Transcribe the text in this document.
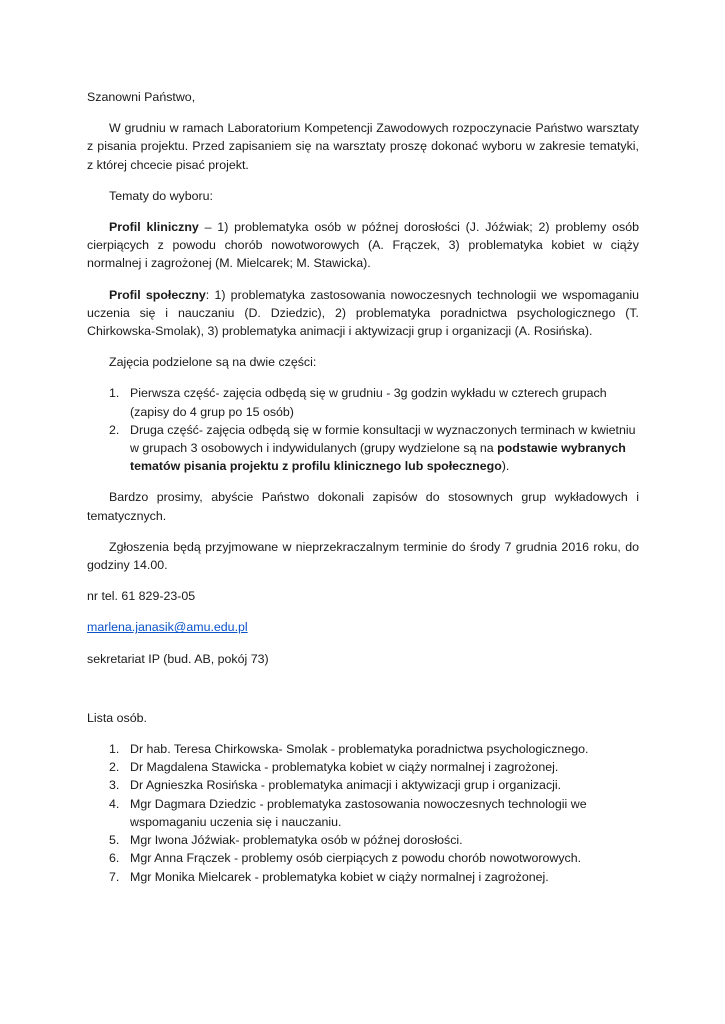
Szanowni Państwo,

W grudniu w ramach Laboratorium Kompetencji Zawodowych rozpoczynacie Państwo warsztaty z pisania projektu. Przed zapisaniem się na warsztaty proszę dokonać wyboru w zakresie tematyki, z której chcecie pisać projekt.

Tematy do wyboru:

Profil kliniczny – 1) problematyka osób w późnej dorosłości (J. Jóźwiak; 2) problemy osób cierpiących z powodu chorób nowotworowych (A. Frączek, 3) problematyka kobiet w ciąży normalnej i zagrożonej (M. Mielcarek; M. Stawicka).

Profil społeczny: 1) problematyka zastosowania nowoczesnych technologii we wspomaganiu uczenia się i nauczaniu (D. Dziedzic), 2) problematyka poradnictwa psychologicznego (T. Chirkowska-Smolak), 3) problematyka animacji i aktywizacji grup i organizacji (A. Rosińska).

Zajęcia podzielone są na dwie części:

1. Pierwsza część- zajęcia odbędą się w grudniu - 3g godzin wykładu w czterech grupach (zapisy do 4 grup po 15 osób)
2. Druga część- zajęcia odbędą się w formie konsultacji w wyznaczonych terminach w kwietniu w grupach 3 osobowych i indywidulanych (grupy wydzielone są na podstawie wybranych tematów pisania projektu z profilu klinicznego lub społecznego).

Bardzo prosimy, abyście Państwo dokonali zapisów do stosownych grup wykładowych i tematycznych.

Zgłoszenia będą przyjmowane w nieprzekraczalnym terminie do środy 7 grudnia 2016 roku, do godziny 14.00.

nr tel. 61 829-23-05

marlena.janasik@amu.edu.pl

sekretariat IP (bud. AB, pokój 73)

Lista osób.

1. Dr hab. Teresa Chirkowska- Smolak - problematyka poradnictwa psychologicznego.
2. Dr Magdalena Stawicka - problematyka kobiet w ciąży normalnej i zagrożonej.
3. Dr Agnieszka Rosińska - problematyka animacji i aktywizacji grup i organizacji.
4. Mgr Dagmara Dziedzic - problematyka zastosowania nowoczesnych technologii we wspomaganiu uczenia się i nauczaniu.
5. Mgr Iwona Jóźwiak- problematyka osób w późnej dorosłości.
6. Mgr Anna Frączek - problemy osób cierpiących z powodu chorób nowotworowych.
7. Mgr Monika Mielcarek - problematyka kobiet w ciąży normalnej i zagrożonej.
